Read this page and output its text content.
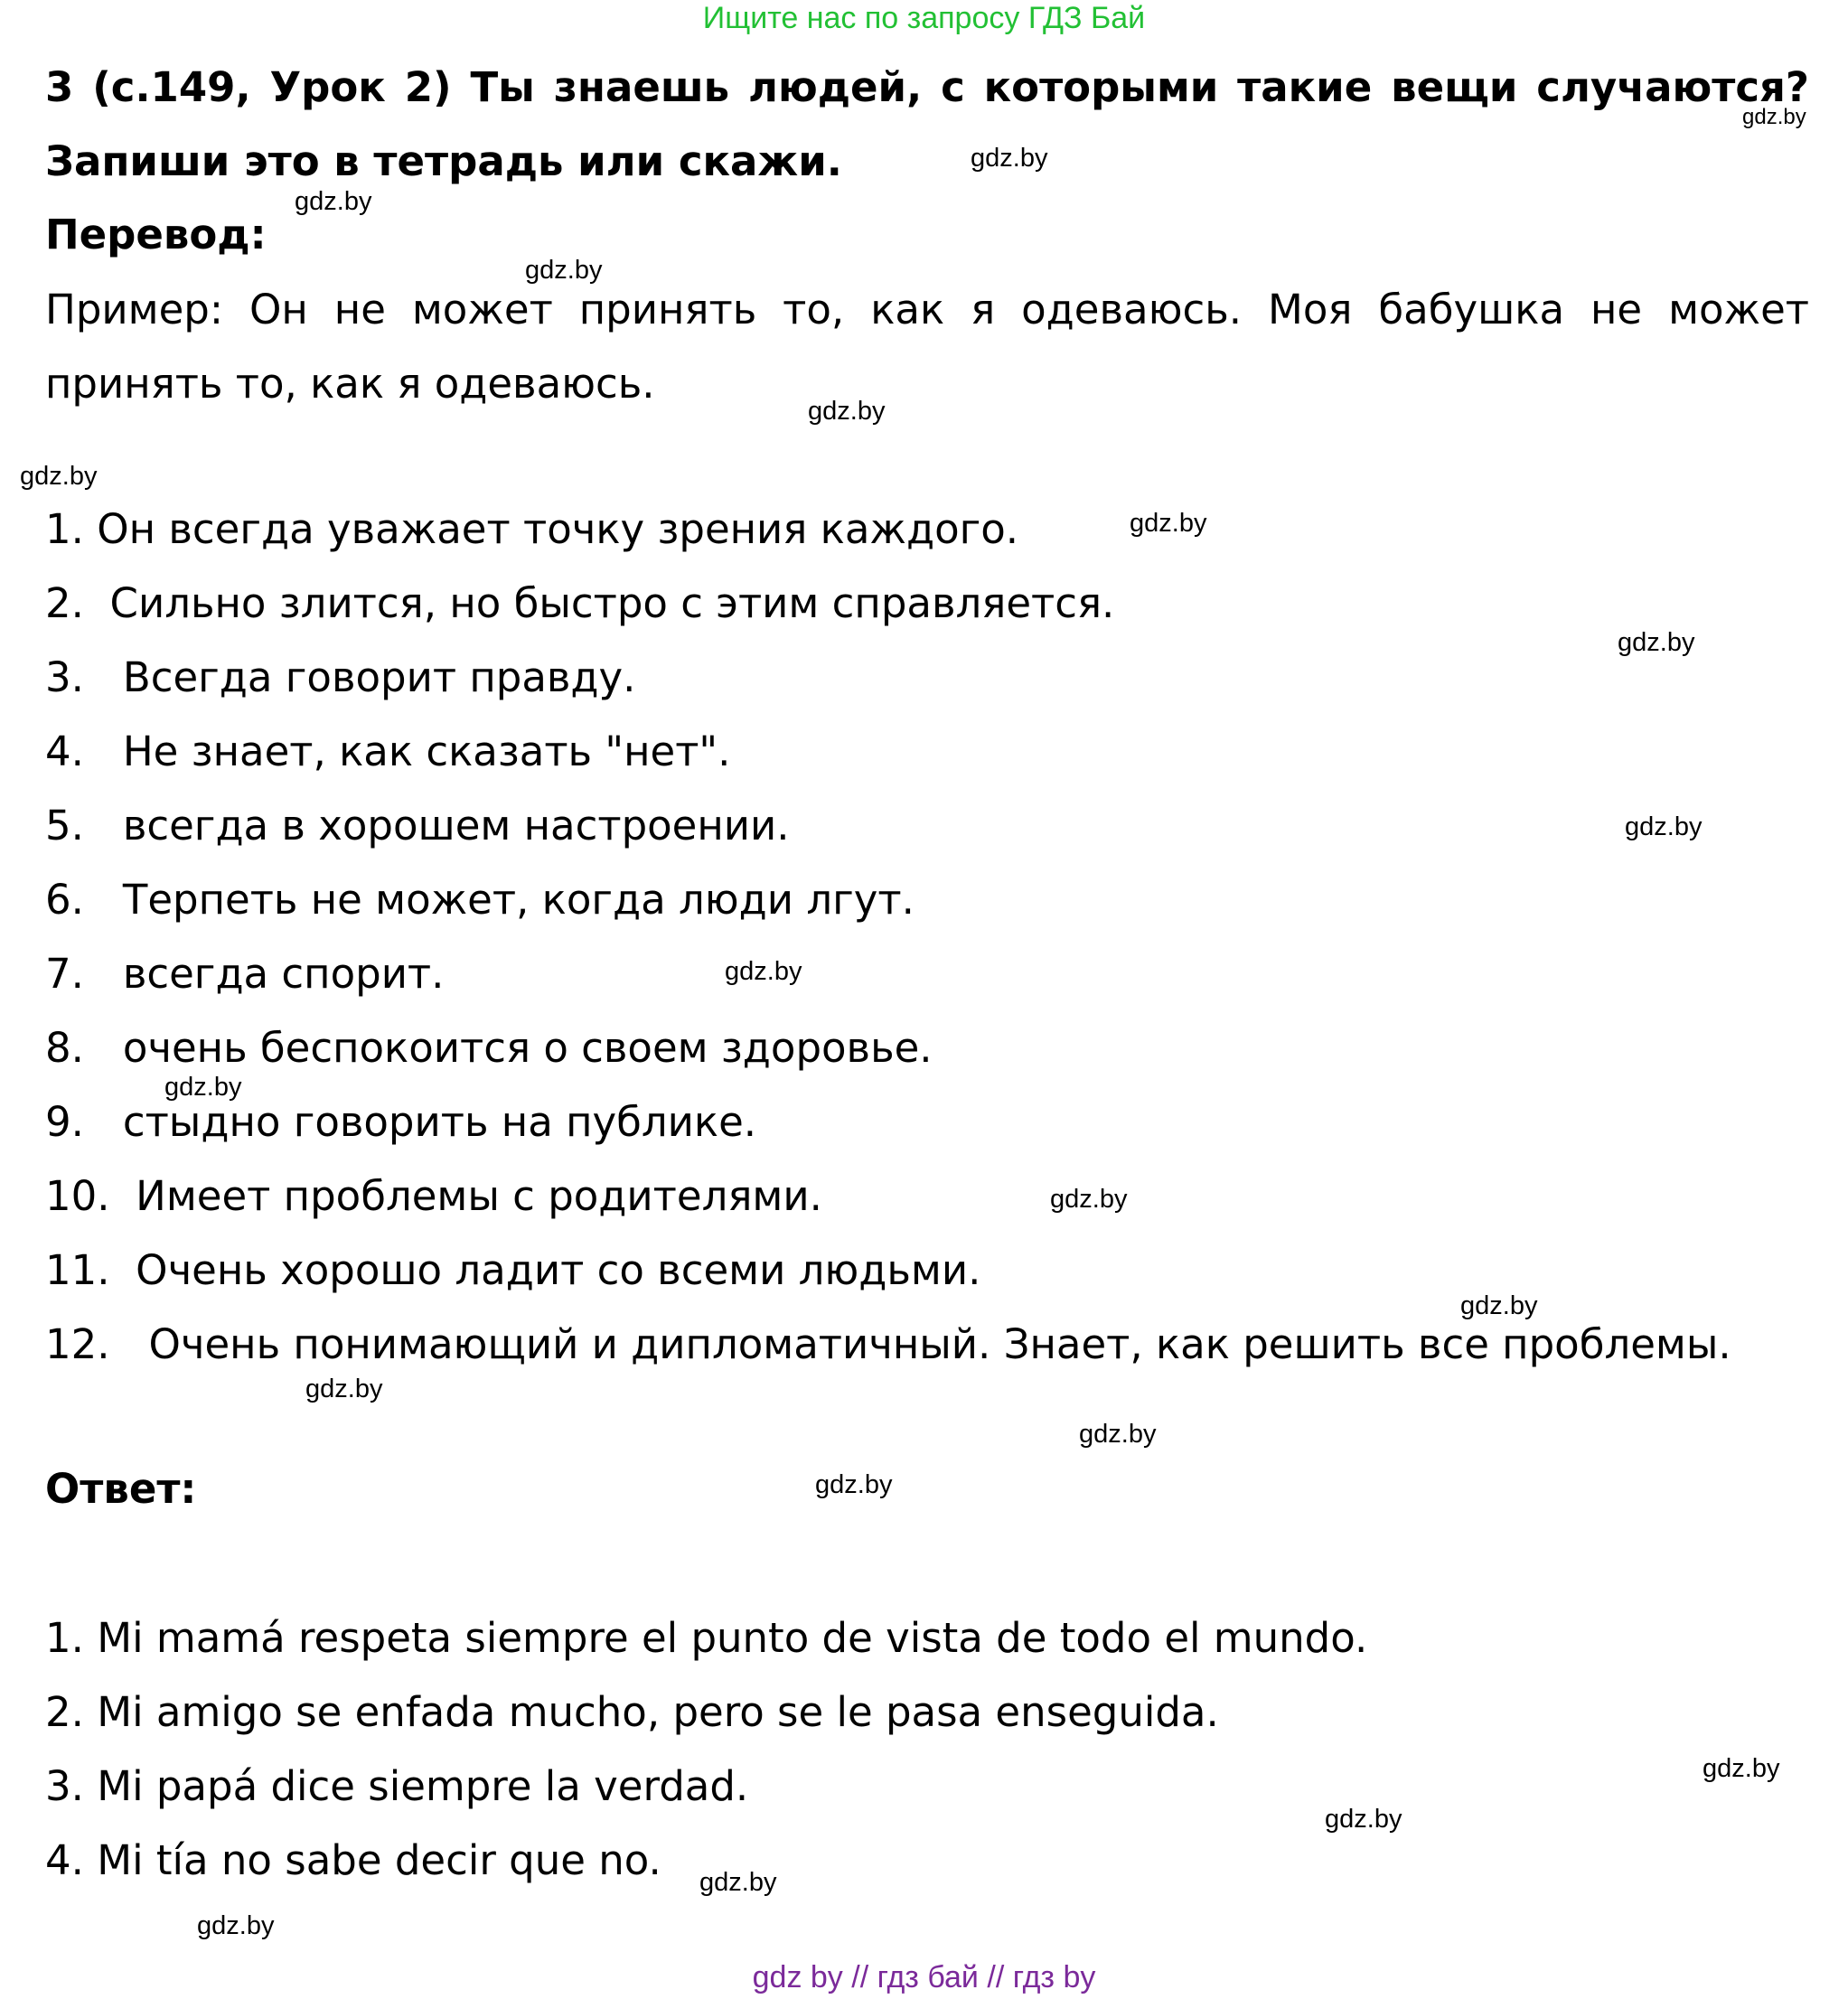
Ищите нас по запросу ГДЗ Бай
3 (с.149, Урок 2) Ты знаешь людей, с которыми такие вещи случаются?
Запиши это в тетрадь или скажи.
Перевод:
Пример: Он не может принять то, как я одеваюсь. Моя бабушка не может
принять то, как я одеваюсь.
1. Он всегда уважает точку зрения каждого.
2.  Сильно злится, но быстро с этим справляется.
3.   Всегда говорит правду.
4.   Не знает, как сказать "нет".
5.   всегда в хорошем настроении.
6.   Терпеть не может, когда люди лгут.
7.   всегда спорит.
8.   очень беспокоится о своем здоровье.
9.   стыдно говорить на публике.
10.  Имеет проблемы с родителями.
11.  Очень хорошо ладит со всеми людьми.
12.   Очень понимающий и дипломатичный. Знает, как решить все проблемы.
Ответ:
1. Mi mamá respeta siempre el punto de vista de todo el mundo.
2. Mi amigo se enfada mucho, pero se le pasa enseguida.
3. Mi papá dice siempre la verdad.
4. Mi tía no sabe decir que no.
gdz.by
gdz.by
gdz.by
gdz.by
gdz.by
gdz.by
gdz.by
gdz.by
gdz.by
gdz.by
gdz.by
gdz.by
gdz.by
gdz.by
gdz.by
gdz.by
gdz.by
gdz.by
gdz.by
gdz.by
gdz by // гдз бай // гдз by
